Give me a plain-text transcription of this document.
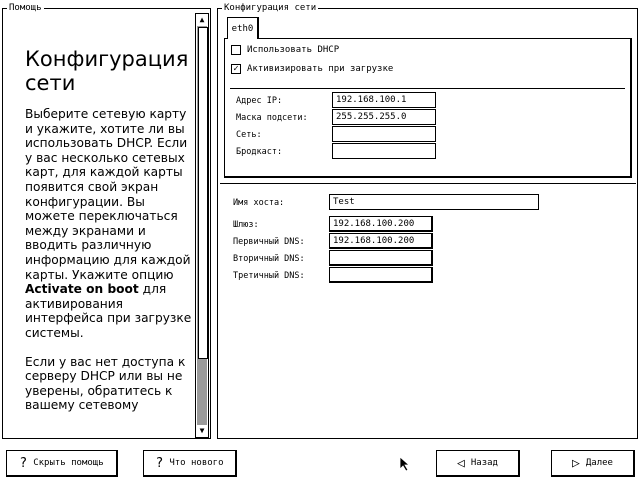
Помощь
Конфигурация сети

Выберите сетевую карту и укажите, хотите ли вы использовать DHCP. Если у вас несколько сетевых карт, для каждой карты появится свой экран конфигурации. Вы можете переключаться между экранами и вводить различную информацию для каждой карты. Укажите опцию Activate on boot для активирования интерфейса при загрузке системы.

Если у вас нет доступа к серверу DHCP или вы не уверены, обратитесь к вашему сетевому

▲
▼
Конфигурация сети
eth0
Использовать DHCP
✓ Активизировать при загрузке
Адрес IP:	192.168.100.1
Маска подсети:	255.255.255.0
Сеть:
Бродкаст:
Имя хоста:	Test
Шлюз:	192.168.100.200
Первичный DNS:	192.168.100.200
Вторичный DNS:
Третичный DNS:
? Скрыть помощь	? Что нового	◁ Назад	▷ Далее
